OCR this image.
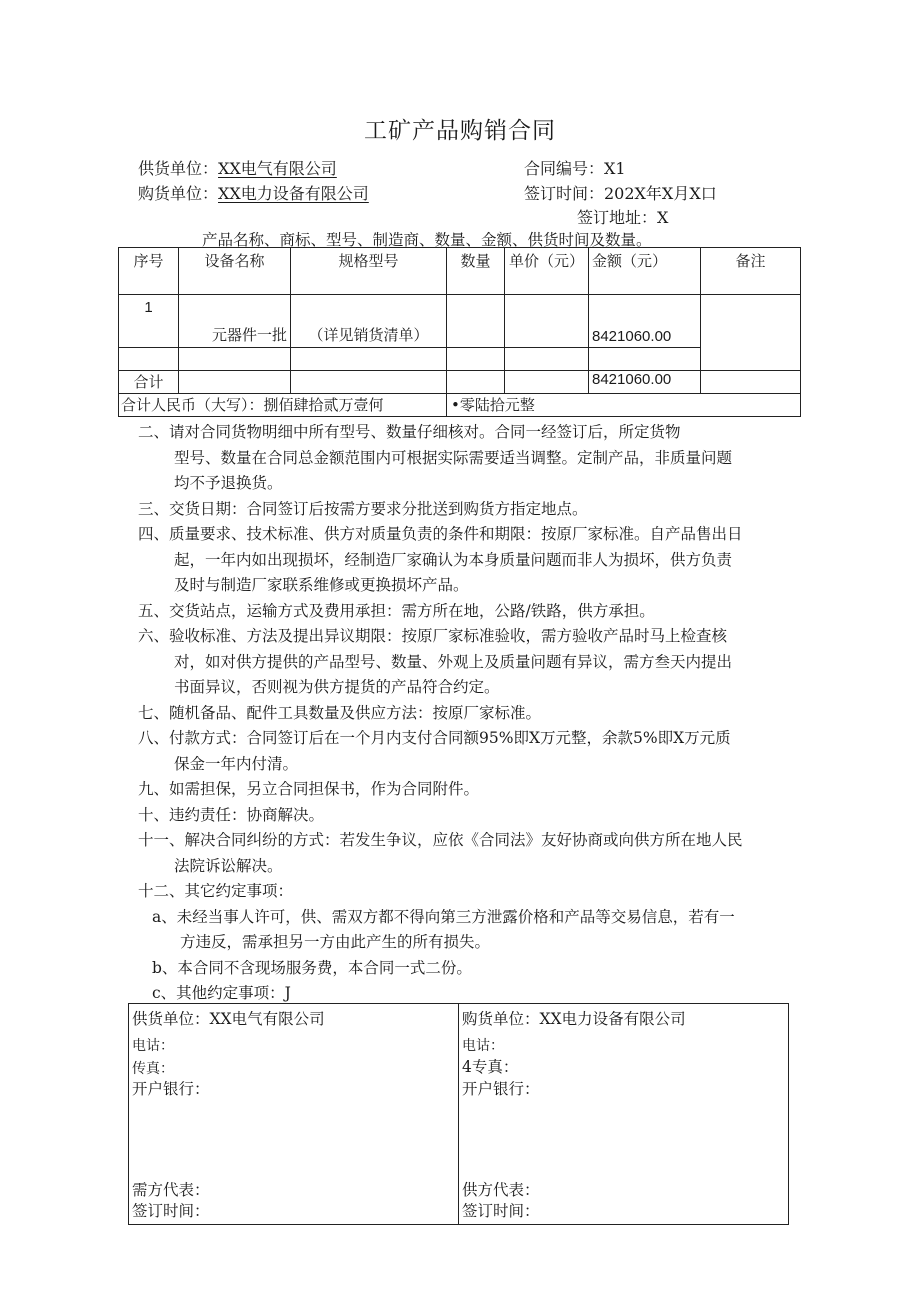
工矿产品购销合同
供货单位：XX电气有限公司
购货单位：XX电力设备有限公司
合同编号：X1
签订时间：202X年X月X口
签订地址：X
产品名称、商标、型号、制造商、数量、金额、供货时间及数量。
序号	设备名称	规格型号	数量	单价（元）	金额（元）	备注
1	元器件一批	（详见销货清单）			8421060.00	

合计					8421060.00	
合计人民币（大写）：捌佰肆拾贰万壹何			•零陆拾元整			
二、请对合同货物明细中所有型号、数量仔细核对。合同一经签订后，所定货物
型号、数量在合同总金额范围内可根据实际需要适当调整。定制产品，非质量问题
均不予退换货。
三、交货日期：合同签订后按需方要求分批送到购货方指定地点。
四、质量要求、技术标准、供方对质量负责的条件和期限：按原厂家标准。自产品售出日
起，一年内如出现损坏，经制造厂家确认为本身质量问题而非人为损坏，供方负责
及时与制造厂家联系维修或更换损坏产品。
五、交货站点，运输方式及费用承担：需方所在地，公路/铁路，供方承担。
六、验收标准、方法及提出异议期限：按原厂家标准验收，需方验收产品时马上检查核
对，如对供方提供的产品型号、数量、外观上及质量问题有异议，需方叁天内提出
书面异议，否则视为供方提货的产品符合约定。
七、随机备品、配件工具数量及供应方法：按原厂家标准。
八、付款方式：合同签订后在一个月内支付合同额95%即X万元整，余款5%即X万元质
保金一年内付清。
九、如需担保，另立合同担保书，作为合同附件。
十、违约责任：协商解决。
十一、解决合同纠纷的方式：若发生争议，应依《合同法》友好协商或向供方所在地人民
法院诉讼解决。
十二、其它约定事项：
a、未经当事人许可，供、需双方都不得向第三方泄露价格和产品等交易信息，若有一
方违反，需承担另一方由此产生的所有损失。
b、本合同不含现场服务费，本合同一式二份。
c、其他约定事项：J
供货单位：XX电气有限公司
电诂：
传真：
开户银行：
需方代表：
签订时间：

购货单位：XX电力设备有限公司
电诂：
4专真：
开户银行：
供方代表：
签订时间：
